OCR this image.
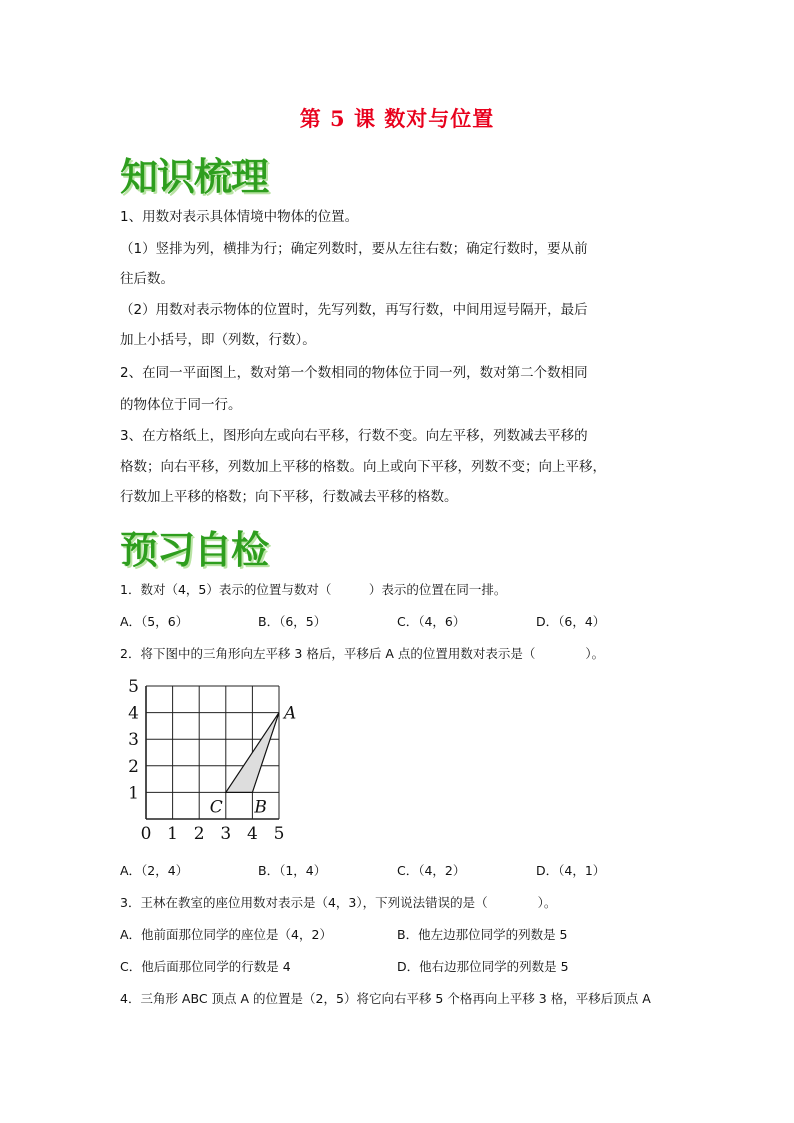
第 5 课 数对与位置
知识梳理
1、用数对表示具体情境中物体的位置。
（1）竖排为列，横排为行；确定列数时，要从左往右数；确定行数时，要从前
往后数。
（2）用数对表示物体的位置时，先写列数，再写行数，中间用逗号隔开，最后
加上小括号，即（列数，行数）。
2、在同一平面图上，数对第一个数相同的物体位于同一列，数对第二个数相同
的物体位于同一行。
3、在方格纸上，图形向左或向右平移，行数不变。向左平移，列数减去平移的
格数；向右平移，列数加上平移的格数。向上或向下平移，列数不变；向上平移，
行数加上平移的格数；向下平移，行数减去平移的格数。
预习自检
1．数对（4，5）表示的位置与数对（　　　）表示的位置在同一排。
A．（5，6）	B．（6，5）	C．（4，6）	D．（6，4）
2．将下图中的三角形向左平移 3 格后，平移后 A 点的位置用数对表示是（　　　　）。
0 1 2 3 4 5
1
2
3
4
5
A
B
C
A．（2，4）	B．（1，4）	C．（4，2）	D．（4，1）
3．王林在教室的座位用数对表示是（4，3），下列说法错误的是（　　　　）。
A．他前面那位同学的座位是（4，2）	B．他左边那位同学的列数是 5
C．他后面那位同学的行数是 4	D．他右边那位同学的列数是 5
4．三角形 ABC 顶点 A 的位置是（2，5）将它向右平移 5 个格再向上平移 3 格，平移后顶点 A
